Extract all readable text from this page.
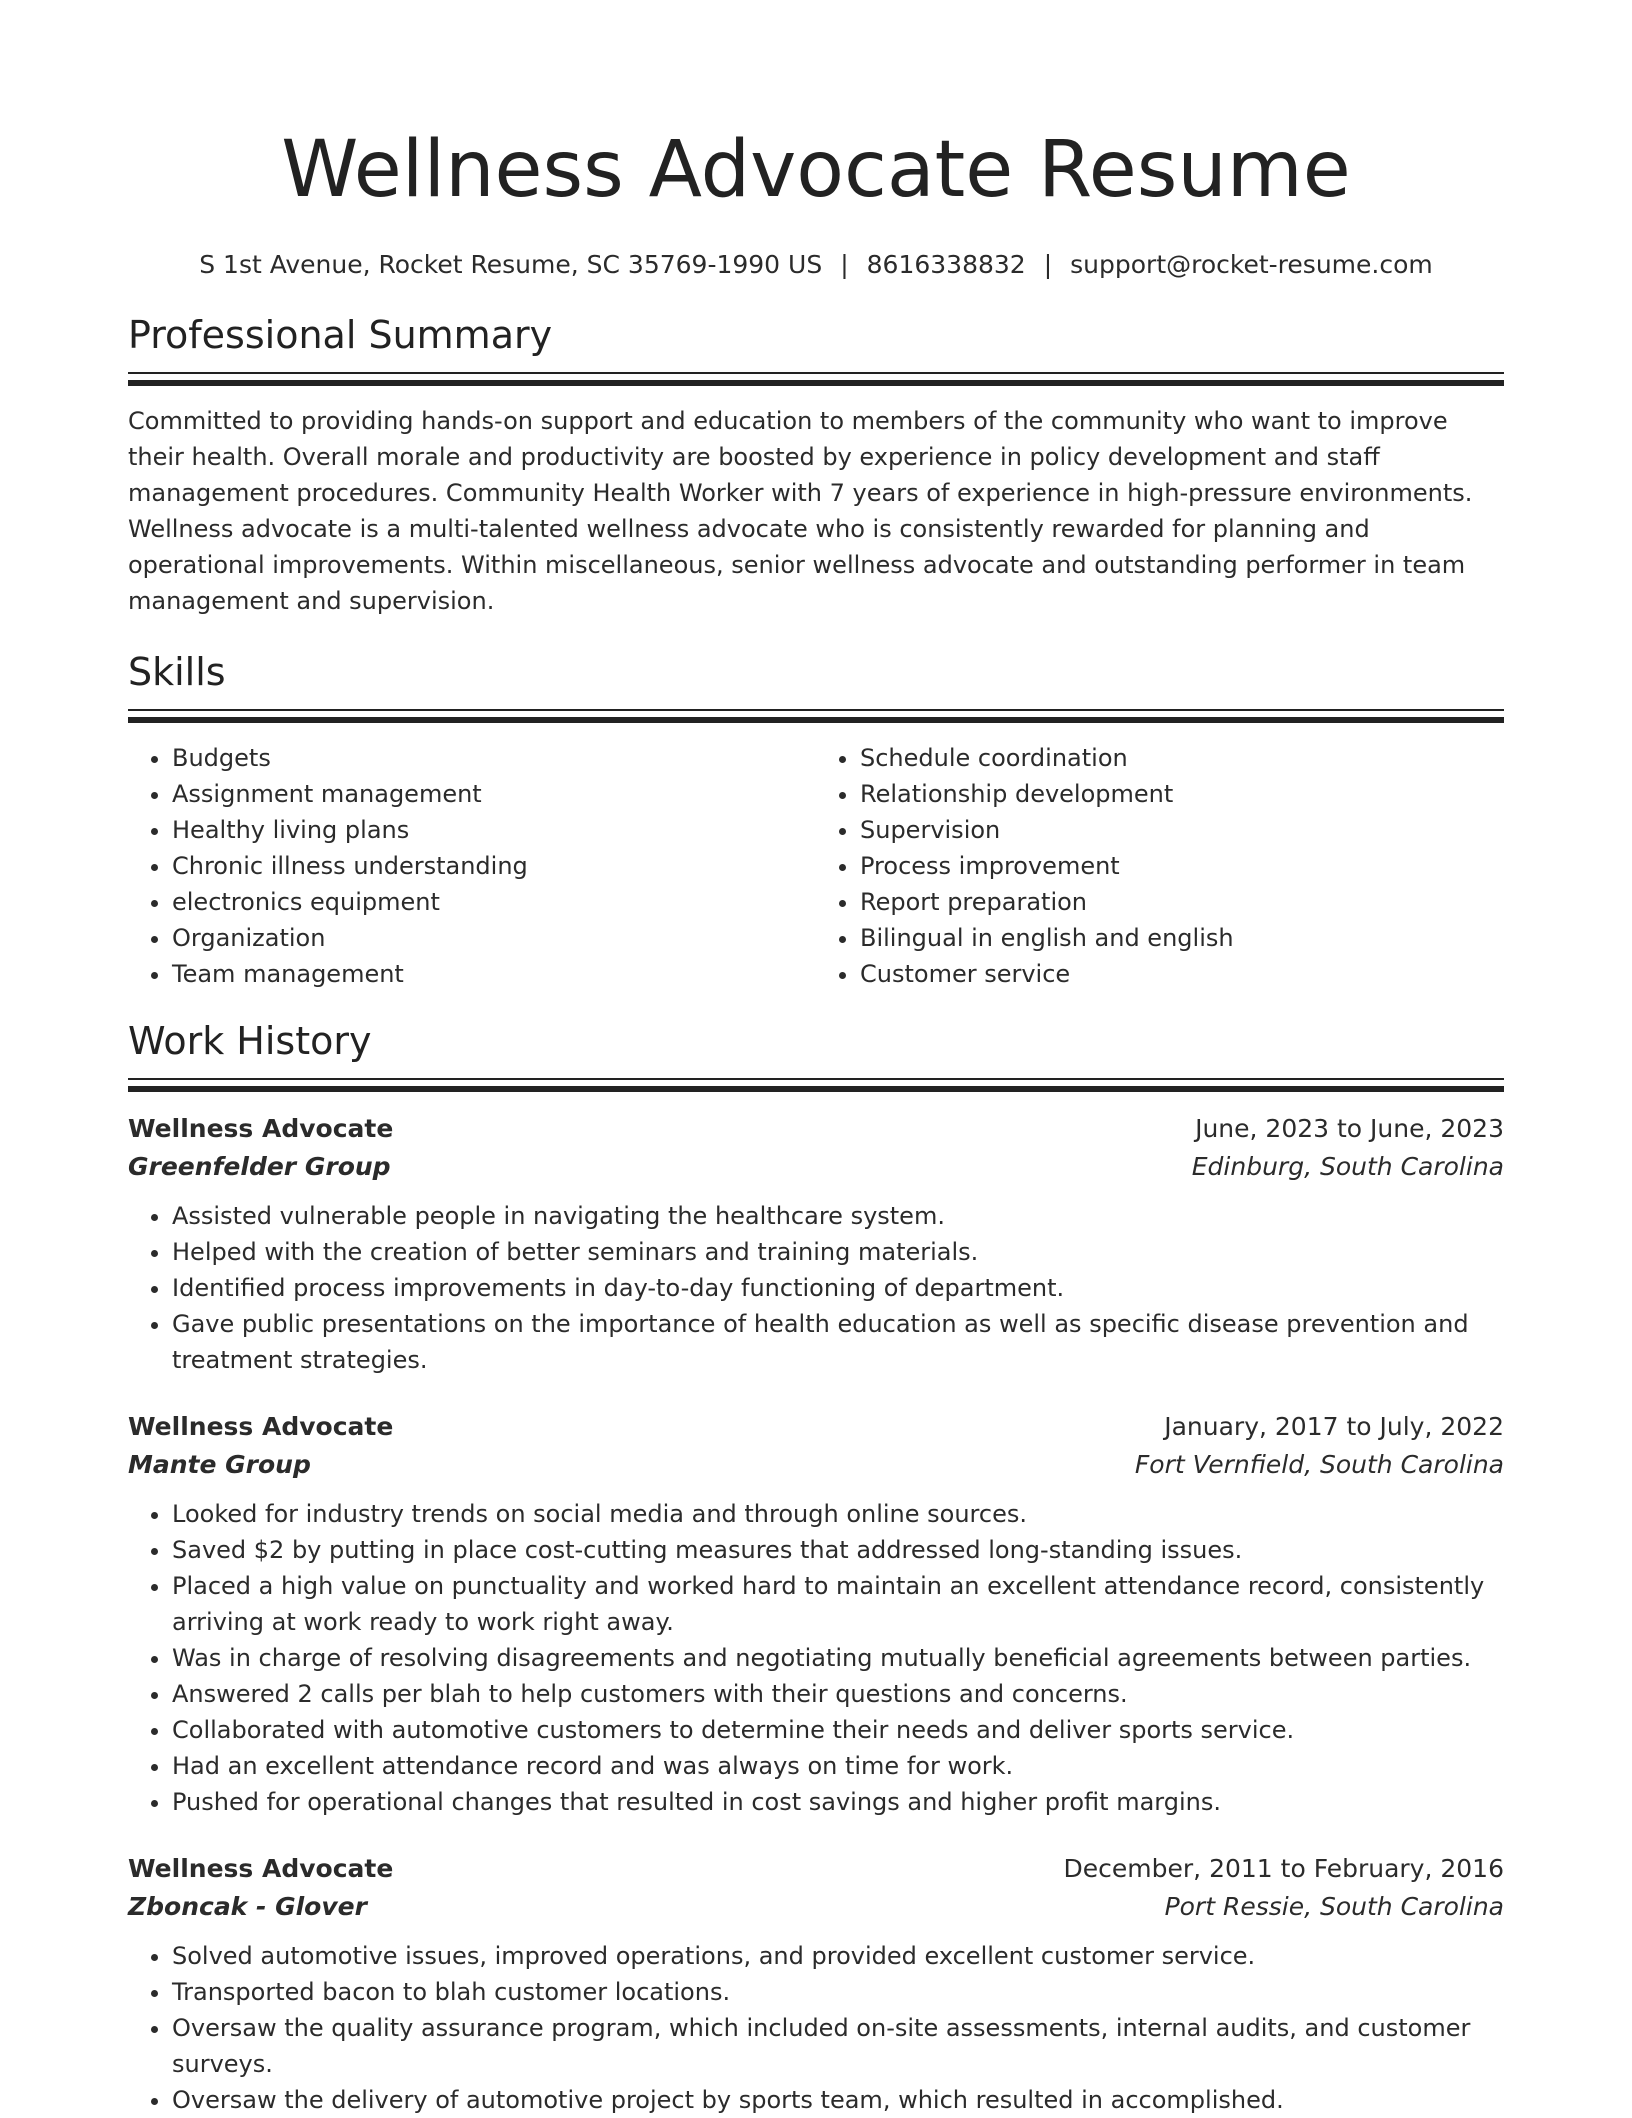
Wellness Advocate Resume
S 1st Avenue, Rocket Resume, SC 35769-1990 US | 8616338832 | support@rocket-resume.com
Professional Summary

Committed to providing hands-on support and education to members of the community who want to improve their health. Overall morale and productivity are boosted by experience in policy development and staff management procedures. Community Health Worker with 7 years of experience in high-pressure environments. Wellness advocate is a multi-talented wellness advocate who is consistently rewarded for planning and operational improvements. Within miscellaneous, senior wellness advocate and outstanding performer in team management and supervision.

Skills
• Budgets
• Assignment management
• Healthy living plans
• Chronic illness understanding
• electronics equipment
• Organization
• Team management
• Schedule coordination
• Relationship development
• Supervision
• Process improvement
• Report preparation
• Bilingual in english and english
• Customer service
Work History
Wellness Advocate	June, 2023 to June, 2023
Greenfelder Group	Edinburg, South Carolina
• Assisted vulnerable people in navigating the healthcare system.
• Helped with the creation of better seminars and training materials.
• Identified process improvements in day-to-day functioning of department.
• Gave public presentations on the importance of health education as well as specific disease prevention and treatment strategies.
Wellness Advocate	January, 2017 to July, 2022
Mante Group	Fort Vernfield, South Carolina
• Looked for industry trends on social media and through online sources.
• Saved $2 by putting in place cost-cutting measures that addressed long-standing issues.
• Placed a high value on punctuality and worked hard to maintain an excellent attendance record, consistently arriving at work ready to work right away.
• Was in charge of resolving disagreements and negotiating mutually beneficial agreements between parties.
• Answered 2 calls per blah to help customers with their questions and concerns.
• Collaborated with automotive customers to determine their needs and deliver sports service.
• Had an excellent attendance record and was always on time for work.
• Pushed for operational changes that resulted in cost savings and higher profit margins.
Wellness Advocate	December, 2011 to February, 2016
Zboncak - Glover	Port Ressie, South Carolina
• Solved automotive issues, improved operations, and provided excellent customer service.
• Transported bacon to blah customer locations.
• Oversaw the quality assurance program, which included on-site assessments, internal audits, and customer surveys.
• Oversaw the delivery of automotive project by sports team, which resulted in accomplished.
